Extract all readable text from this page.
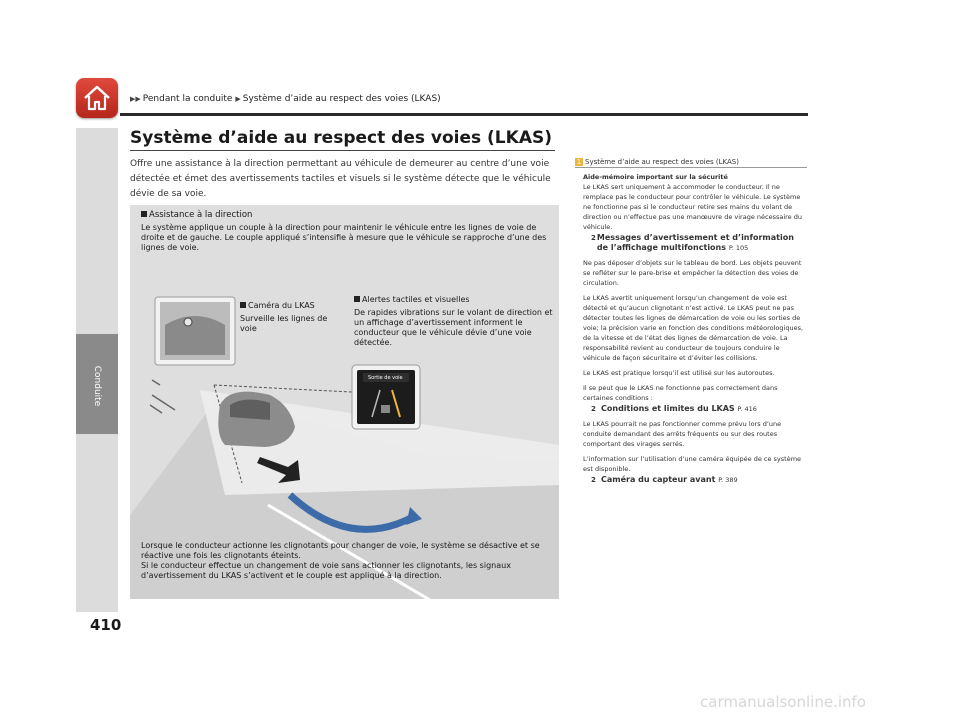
Conduite
▶▶ Pendant la conduite ▶ Système d’aide au respect des voies (LKAS)
Système d’aide au respect des voies (LKAS)
Offre une assistance à la direction permettant au véhicule de demeurer au centre d’une voie détectée et émet des avertissements tactiles et visuels si le système détecte que le véhicule dévie de sa voie.
Assistance à la direction
Le système applique un couple à la direction pour maintenir le véhicule entre les lignes de voie de droite et de gauche. Le couple appliqué s’intensifie à mesure que le véhicule se rapproche d’une des lignes de voie.
Caméra du LKAS
Surveille les lignes de voie
Alertes tactiles et visuelles
De rapides vibrations sur le volant de direction et un affichage d’avertissement informent le conducteur que le véhicule dévie d’une voie détectée.
Sortie de voie
Lorsque le conducteur actionne les clignotants pour changer de voie, le système se désactive et se réactive une fois les clignotants éteints.
Si le conducteur effectue un changement de voie sans actionner les clignotants, les signaux d’avertissement du LKAS s’activent et le couple est appliqué à la direction.
1 Système d’aide au respect des voies (LKAS)

Aide-mémoire important sur la sécurité

Le LKAS sert uniquement à accommoder le conducteur. Il ne remplace pas le conducteur pour contrôler le véhicule. Le système ne fonctionne pas si le conducteur retire ses mains du volant de direction ou n’effectue pas une manœuvre de virage nécessaire du véhicule.

2 Messages d’avertissement et d’information de l’affichage multifonctions P. 105

Ne pas déposer d’objets sur le tableau de bord. Les objets peuvent se refléter sur le pare-brise et empêcher la détection des voies de circulation.

Le LKAS avertit uniquement lorsqu’un changement de voie est détecté et qu’aucun clignotant n’est activé. Le LKAS peut ne pas détecter toutes les lignes de démarcation de voie ou les sorties de voie; la précision varie en fonction des conditions météorologiques, de la vitesse et de l’état des lignes de démarcation de voie. La responsabilité revient au conducteur de toujours conduire le véhicule de façon sécuritaire et d’éviter les collisions.

Le LKAS est pratique lorsqu’il est utilisé sur les autoroutes.

Il se peut que le LKAS ne fonctionne pas correctement dans certaines conditions :

2 Conditions et limites du LKAS P. 416

Le LKAS pourrait ne pas fonctionner comme prévu lors d’une conduite demandant des arrêts fréquents ou sur des routes comportant des virages serrés.

L’information sur l’utilisation d’une caméra équipée de ce système est disponible.

2 Caméra du capteur avant P. 389
410
carmanualsonline.info
